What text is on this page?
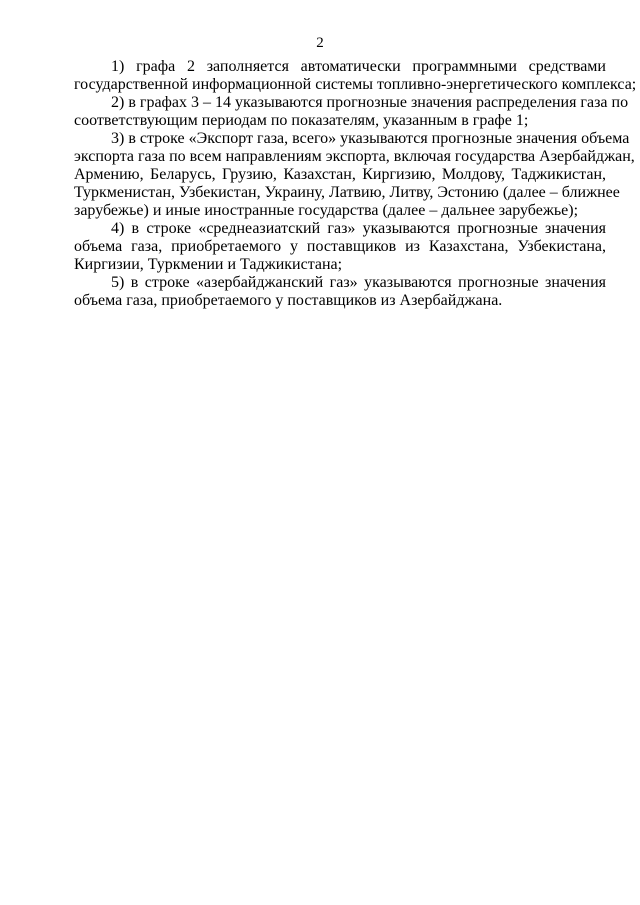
2
1) графа 2 заполняется автоматически программными средствами
государственной информационной системы топливно-энергетического комплекса;
2) в графах 3 – 14 указываются прогнозные значения распределения газа по
соответствующим периодам по показателям, указанным в графе 1;
3) в строке «Экспорт газа, всего» указываются прогнозные значения объема
экспорта газа по всем направлениям экспорта, включая государства Азербайджан,
Армению, Беларусь, Грузию, Казахстан, Киргизию, Молдову, Таджикистан,
Туркменистан, Узбекистан, Украину, Латвию, Литву, Эстонию (далее – ближнее
зарубежье) и иные иностранные государства (далее – дальнее зарубежье);
4) в строке «среднеазиатский газ» указываются прогнозные значения
объема газа, приобретаемого у поставщиков из Казахстана, Узбекистана,
Киргизии, Туркмении и Таджикистана;
5) в строке «азербайджанский газ» указываются прогнозные значения
объема газа, приобретаемого у поставщиков из Азербайджана.
